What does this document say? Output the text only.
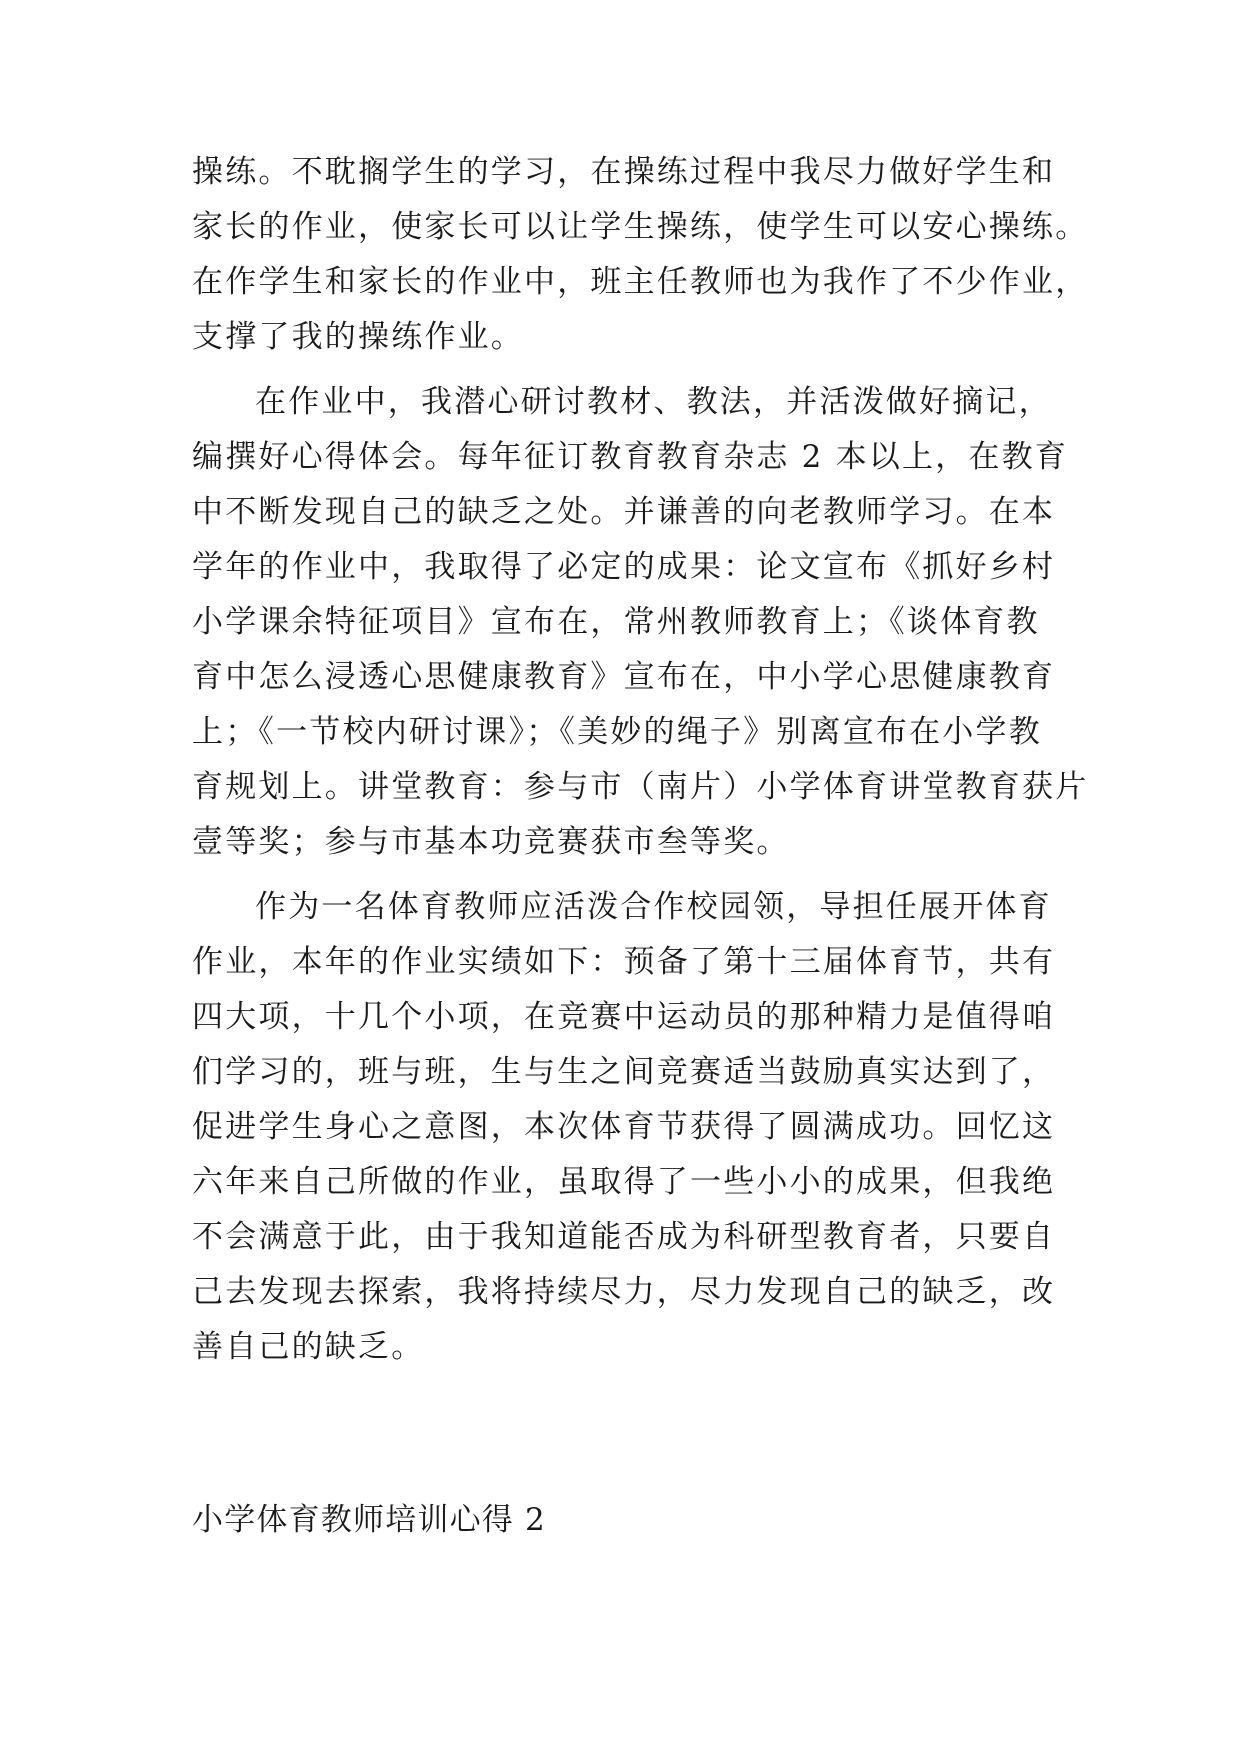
操练。不耽搁学生的学习，在操练过程中我尽力做好学生和
家长的作业，使家长可以让学生操练，使学生可以安心操练。
在作学生和家长的作业中，班主任教师也为我作了不少作业，
支撑了我的操练作业。
在作业中，我潜心研讨教材、教法，并活泼做好摘记，
编撰好心得体会。每年征订教育教育杂志 2 本以上，在教育
中不断发现自己的缺乏之处。并谦善的向老教师学习。在本
学年的作业中，我取得了必定的成果：论文宣布《抓好乡村
小学课余特征项目》宣布在，常州教师教育上；《谈体育教
育中怎么浸透心思健康教育》宣布在，中小学心思健康教育
上；《一节校内研讨课》；《美妙的绳子》别离宣布在小学教
育规划上。讲堂教育：参与市（南片）小学体育讲堂教育获片
壹等奖；参与市基本功竞赛获市叁等奖。
作为一名体育教师应活泼合作校园领，导担任展开体育
作业，本年的作业实绩如下：预备了第十三届体育节，共有
四大项，十几个小项，在竞赛中运动员的那种精力是值得咱
们学习的，班与班，生与生之间竞赛适当鼓励真实达到了，
促进学生身心之意图，本次体育节获得了圆满成功。回忆这
六年来自己所做的作业，虽取得了一些小小的成果，但我绝
不会满意于此，由于我知道能否成为科研型教育者，只要自
己去发现去探索，我将持续尽力，尽力发现自己的缺乏，改
善自己的缺乏。
小学体育教师培训心得 2
